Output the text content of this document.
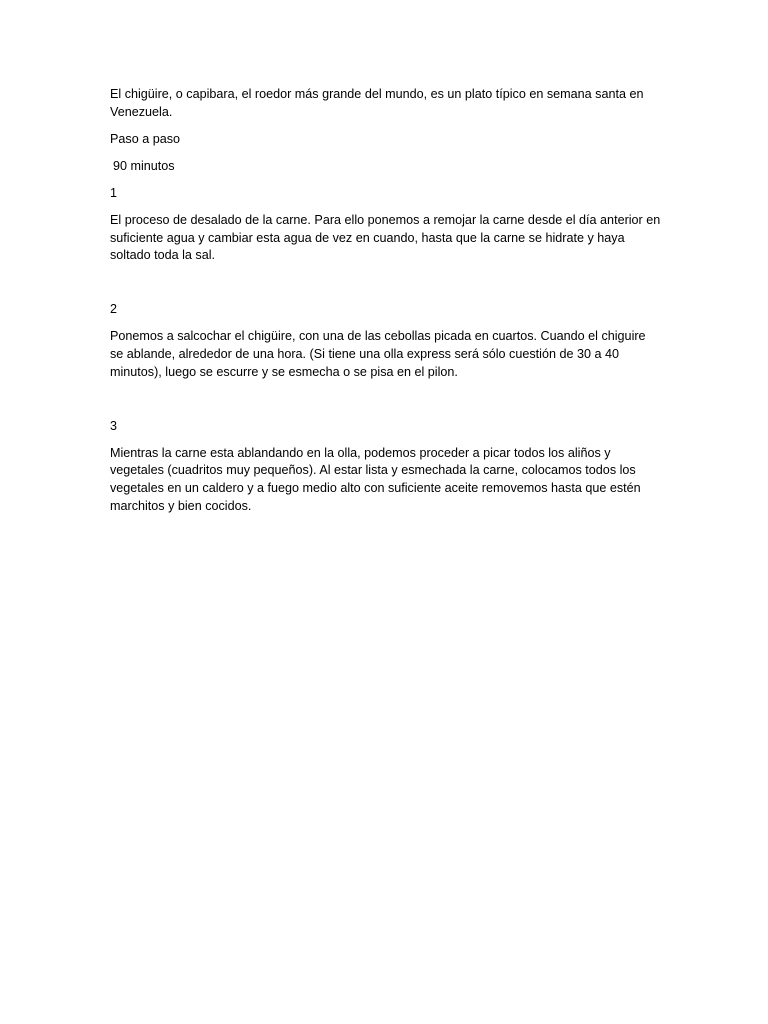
El chigüire, o capibara, el roedor más grande del mundo, es un plato típico en semana santa en Venezuela.

Paso a paso

90 minutos

1

El proceso de desalado de la carne. Para ello ponemos a remojar la carne desde el día anterior en suficiente agua y cambiar esta agua de vez en cuando, hasta que la carne se hidrate y haya soltado toda la sal.

2

Ponemos a salcochar el chigüire, con una de las cebollas picada en cuartos. Cuando el chiguire se ablande, alrededor de una hora. (Si tiene una olla express será sólo cuestión de 30 a 40 minutos), luego se escurre y se esmecha o se pisa en el pilon.

3

Mientras la carne esta ablandando en la olla, podemos proceder a picar todos los aliños y vegetales (cuadritos muy pequeños). Al estar lista y esmechada la carne, colocamos todos los vegetales en un caldero y a fuego medio alto con suficiente aceite removemos hasta que estén marchitos y bien cocidos.
